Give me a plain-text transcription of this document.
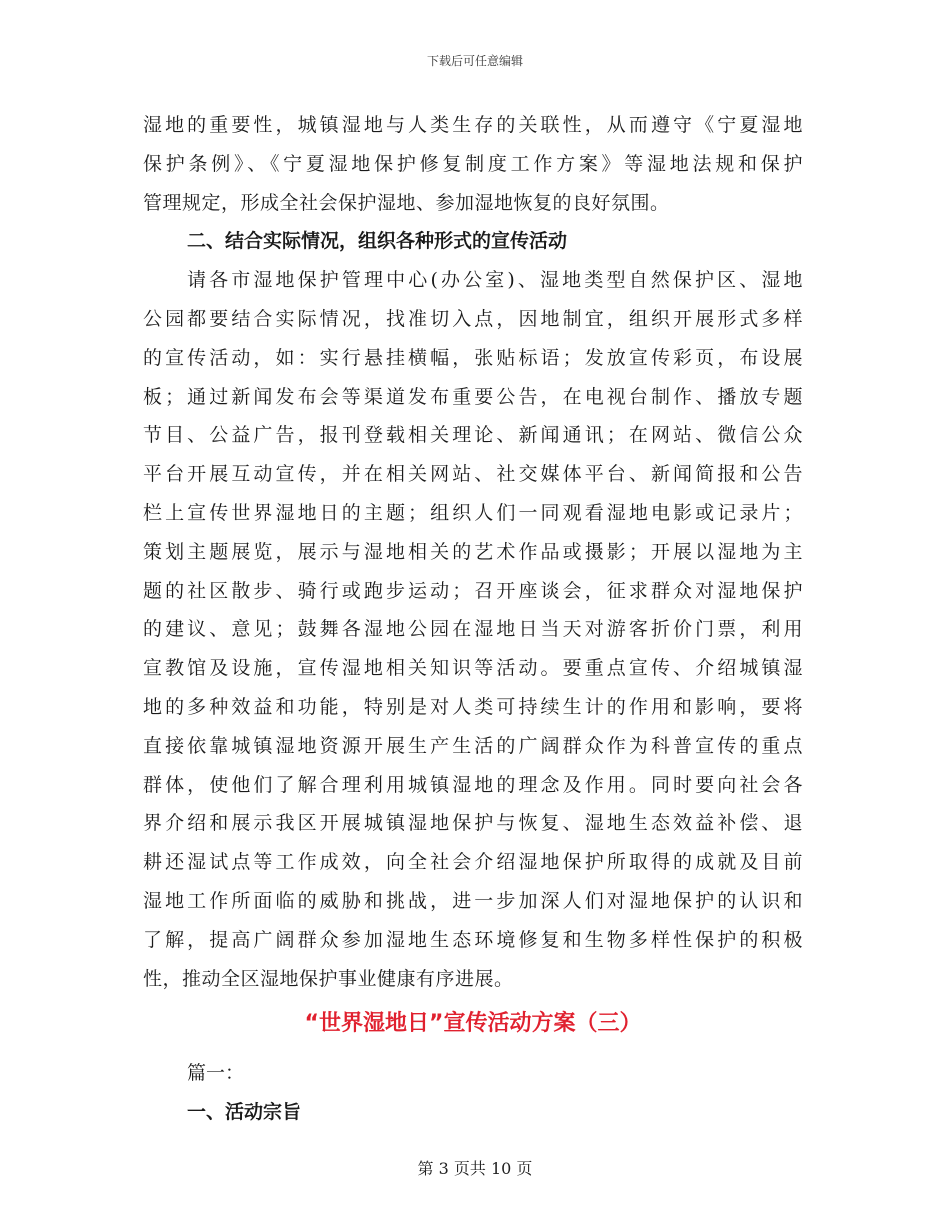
下载后可任意编辑
湿地的重要性，城镇湿地与人类生存的关联性，从而遵守《宁夏湿地
保护条例》、《宁夏湿地保护修复制度工作方案》等湿地法规和保护
管理规定，形成全社会保护湿地、参加湿地恢复的良好氛围。
二、结合实际情况，组织各种形式的宣传活动
请各市湿地保护管理中心(办公室)、湿地类型自然保护区、湿地
公园都要结合实际情况，找准切入点，因地制宜，组织开展形式多样
的宣传活动，如：实行悬挂横幅，张贴标语；发放宣传彩页，布设展
板；通过新闻发布会等渠道发布重要公告，在电视台制作、播放专题
节目、公益广告，报刊登载相关理论、新闻通讯；在网站、微信公众
平台开展互动宣传，并在相关网站、社交媒体平台、新闻简报和公告
栏上宣传世界湿地日的主题；组织人们一同观看湿地电影或记录片；
策划主题展览，展示与湿地相关的艺术作品或摄影；开展以湿地为主
题的社区散步、骑行或跑步运动；召开座谈会，征求群众对湿地保护
的建议、意见；鼓舞各湿地公园在湿地日当天对游客折价门票，利用
宣教馆及设施，宣传湿地相关知识等活动。要重点宣传、介绍城镇湿
地的多种效益和功能，特别是对人类可持续生计的作用和影响，要将
直接依靠城镇湿地资源开展生产生活的广阔群众作为科普宣传的重点
群体，使他们了解合理利用城镇湿地的理念及作用。同时要向社会各
界介绍和展示我区开展城镇湿地保护与恢复、湿地生态效益补偿、退
耕还湿试点等工作成效，向全社会介绍湿地保护所取得的成就及目前
湿地工作所面临的威胁和挑战，进一步加深人们对湿地保护的认识和
了解，提高广阔群众参加湿地生态环境修复和生物多样性保护的积极
性，推动全区湿地保护事业健康有序进展。
“世界湿地日”宣传活动方案（三）
篇一：
一、活动宗旨
第 3 页共 10 页
